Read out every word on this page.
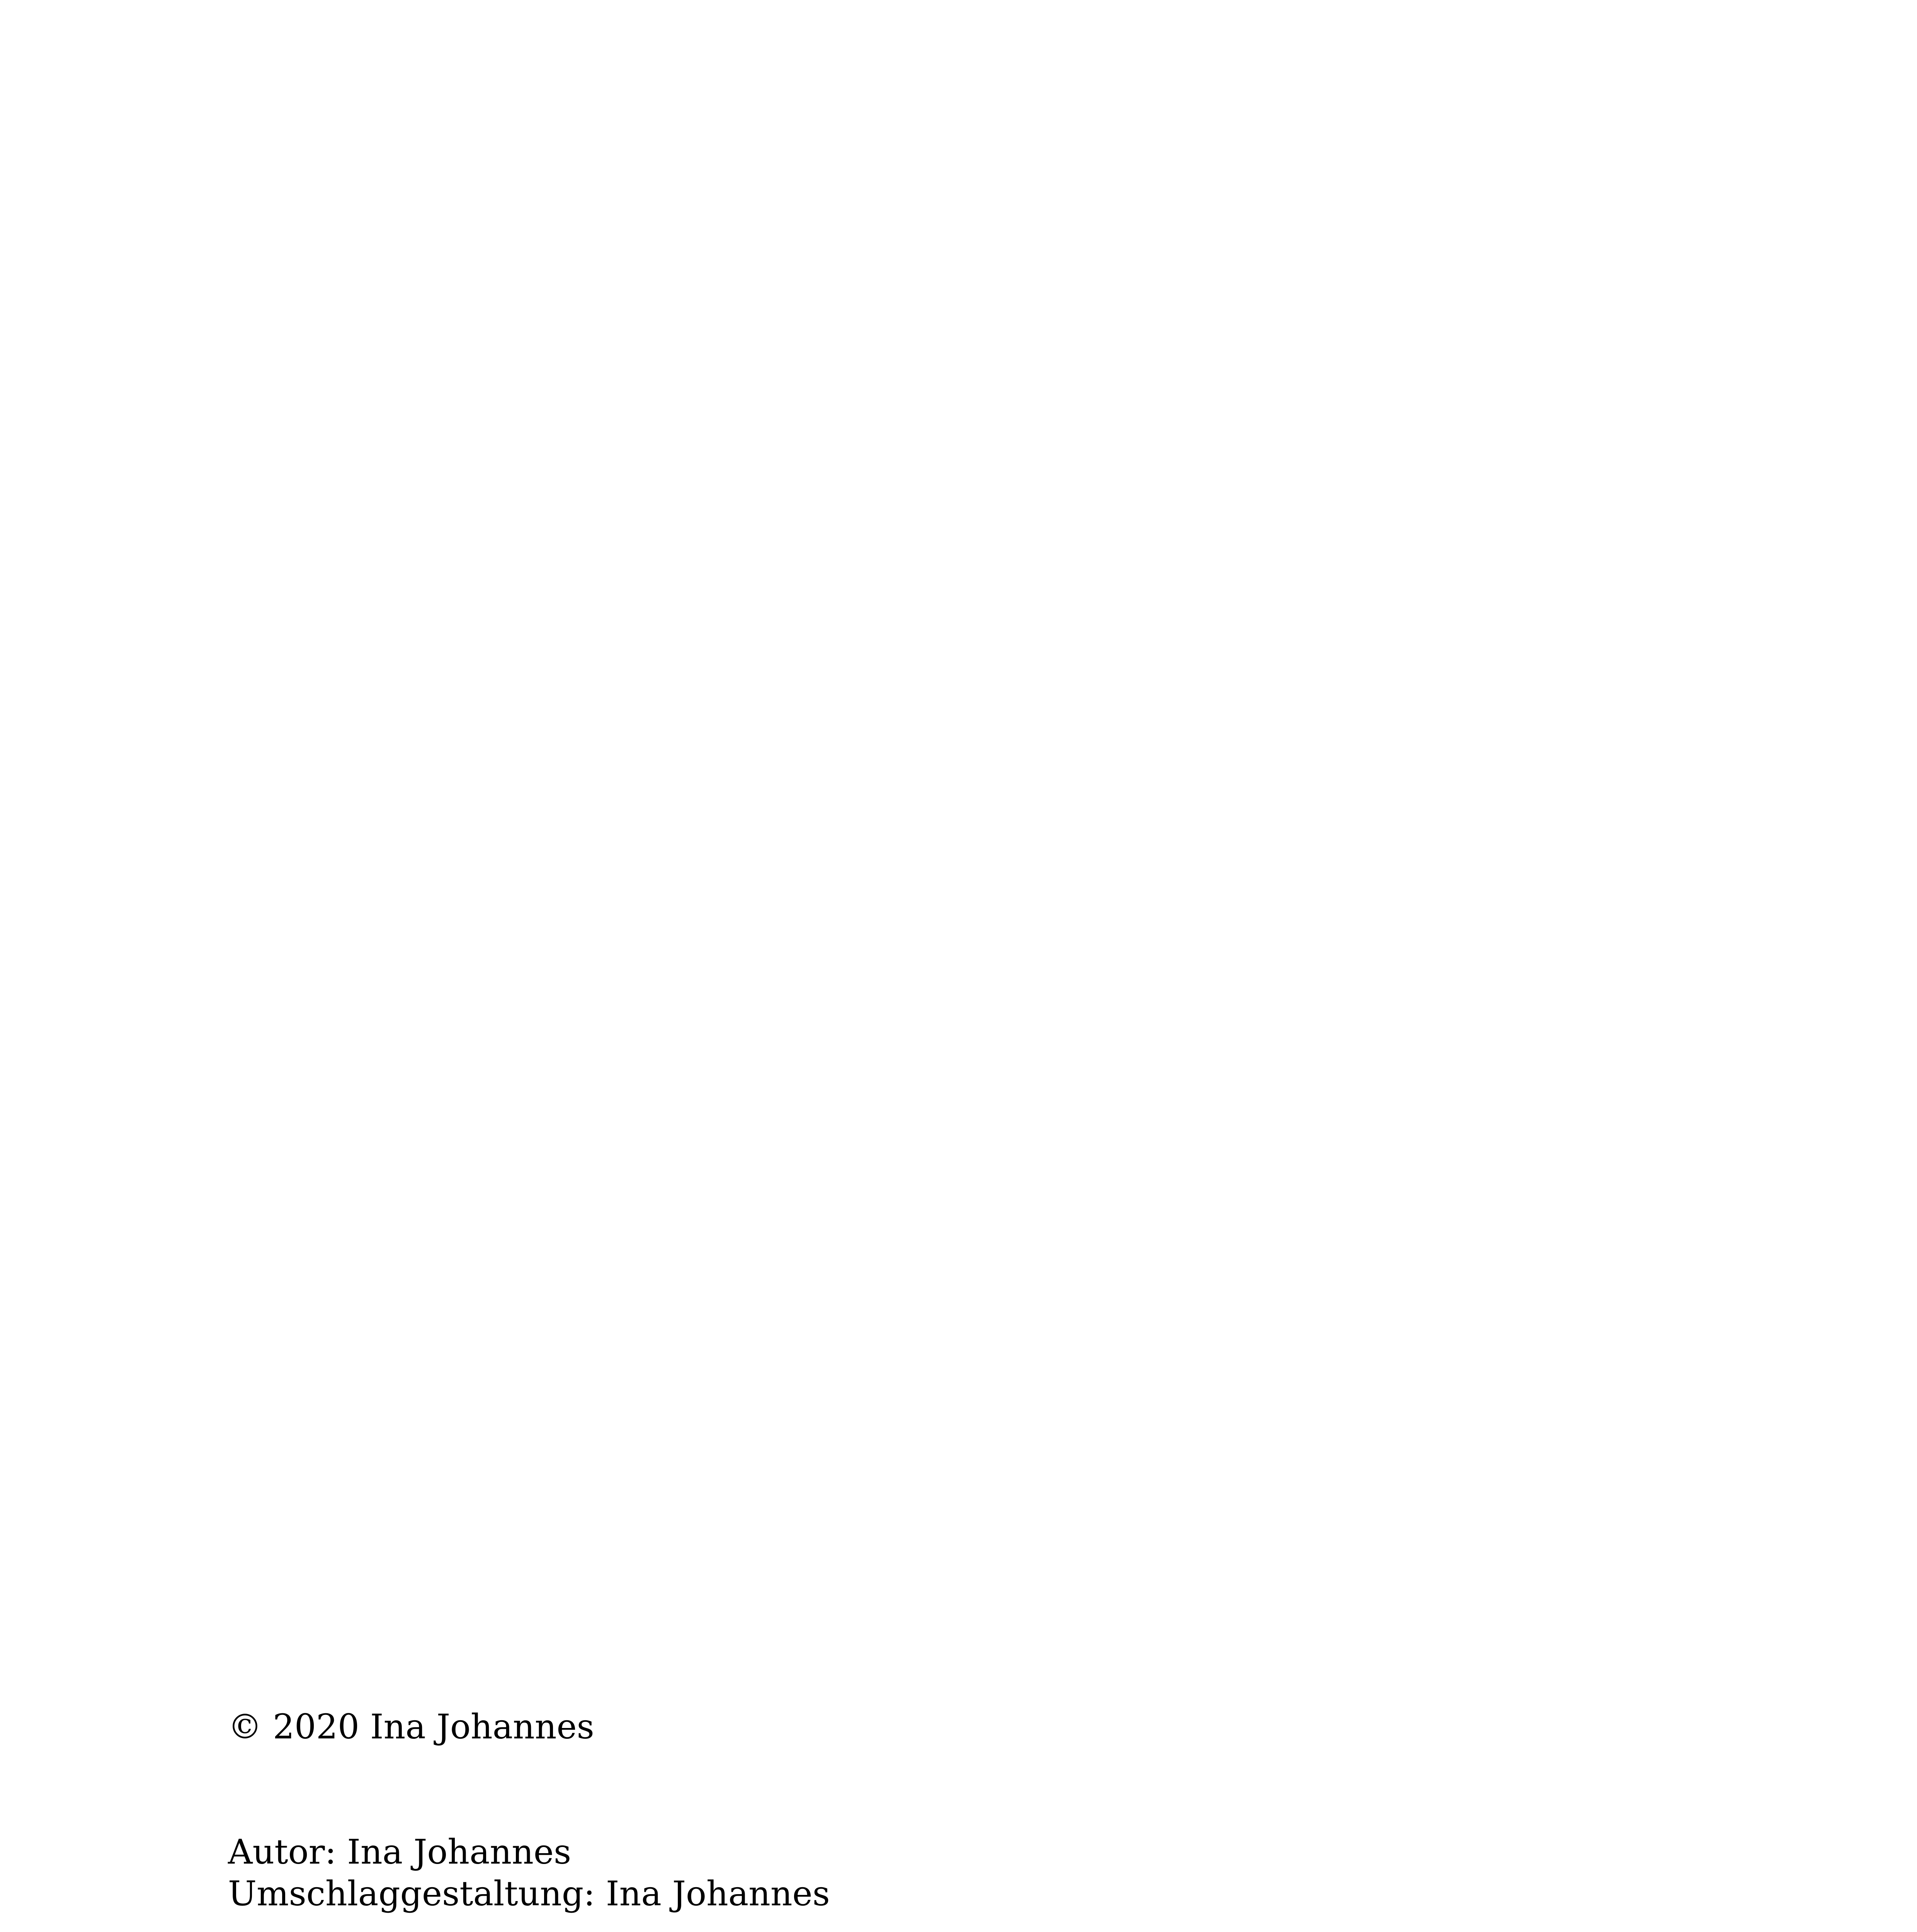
© 2020 Ina Johannes
Autor: Ina Johannes
Umschlaggestaltung: Ina Johannes
